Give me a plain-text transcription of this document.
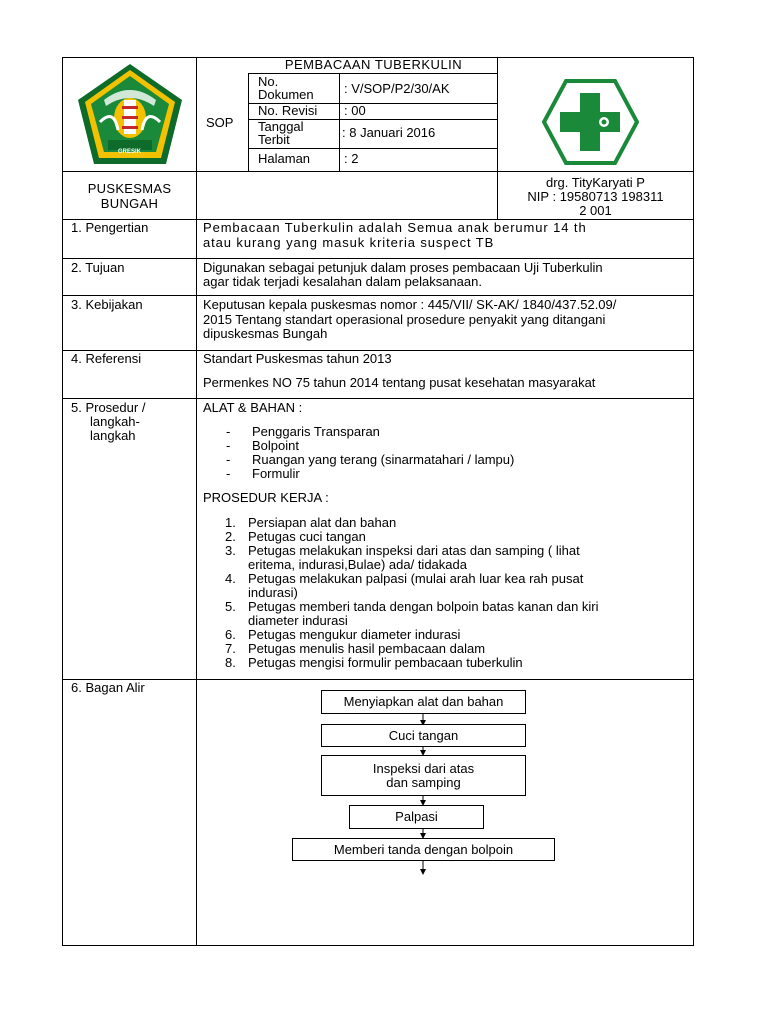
GRESIK
PEMBACAAN TUBERKULIN
SOP
No. Dokumen	: V/SOP/P2/30/AK
No. Revisi : 00
Tanggal Terbit	: 8 Januari 2016
Halaman	: 2
PUSKESMAS BUNGAH
drg. TityKaryati P
NIP : 19580713 198311
2 001
1. Pengertian	Pembacaan Tuberkulin adalah Semua anak berumur 14 th
atau kurang yang masuk kriteria suspect TB
2. Tujuan	Digunakan sebagai petunjuk dalam proses pembacaan Uji Tuberkulin
agar tidak terjadi kesalahan dalam pelaksanaan.
3. Kebijakan	Keputusan kepala puskesmas nomor : 445/VII/ SK-AK/ 1840/437.52.09/
2015 Tentang standart operasional prosedure penyakit yang ditangani
dipuskesmas Bungah
4. Referensi	Standart Puskesmas tahun 2013
Permenkes NO 75 tahun 2014 tentang pusat kesehatan masyarakat
5. Prosedur /
langkah-
langkah
ALAT & BAHAN :
- Penggaris Transparan
- Bolpoint
- Ruangan yang terang (sinarmatahari / lampu)
- Formulir
PROSEDUR KERJA :
1. Persiapan alat dan bahan
2. Petugas cuci tangan
3. Petugas melakukan inspeksi dari atas dan samping ( lihat
eritema, indurasi,Bulae) ada/ tidakada
4. Petugas melakukan palpasi (mulai arah luar kea rah pusat
indurasi)
5. Petugas memberi tanda dengan bolpoin batas kanan dan kiri
diameter indurasi
6. Petugas mengukur diameter indurasi
7. Petugas menulis hasil pembacaan dalam
8. Petugas mengisi formulir pembacaan tuberkulin
6. Bagan Alir
Menyiapkan alat dan bahan
Cuci tangan
Inspeksi dari atas dan samping
Palpasi
Memberi tanda dengan bolpoin
